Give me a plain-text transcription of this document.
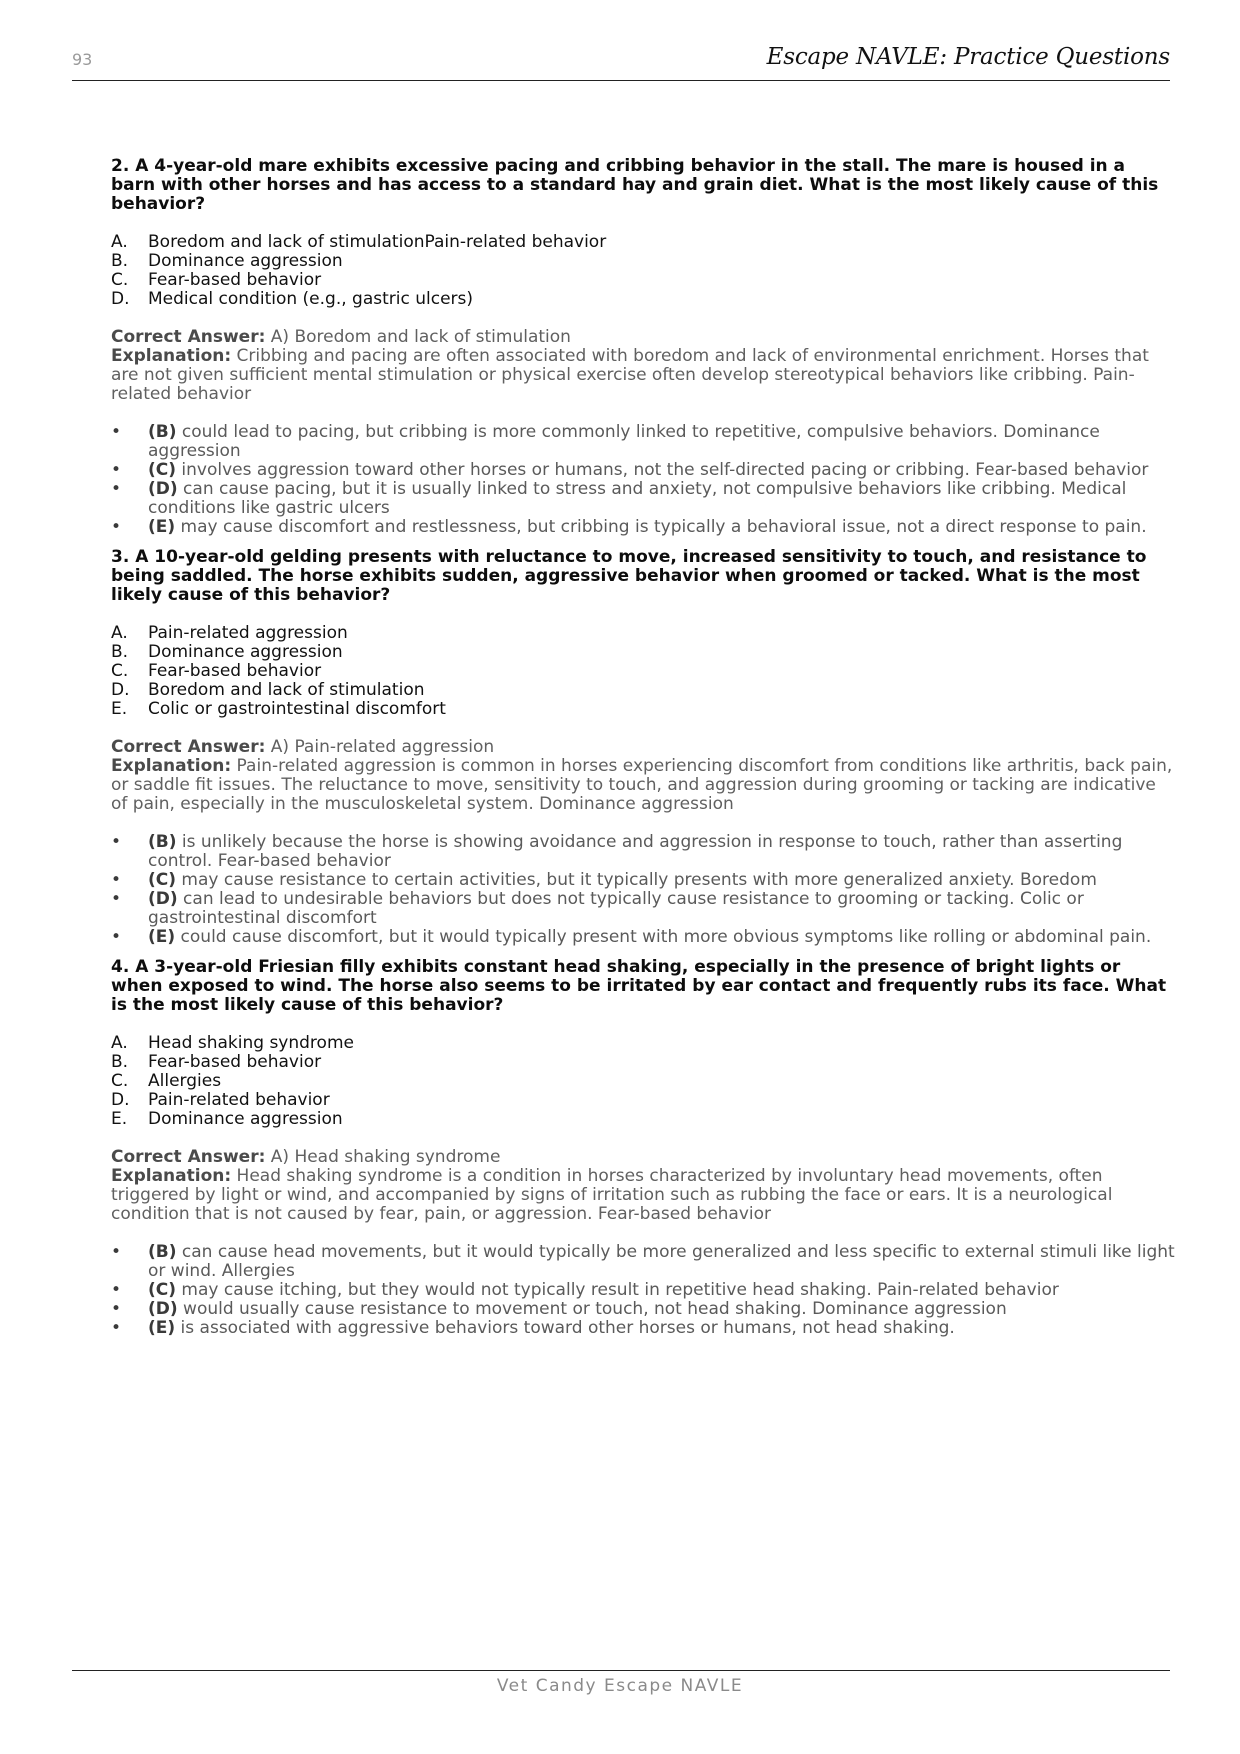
93	Escape NAVLE: Practice Questions
2. A 4-year-old mare exhibits excessive pacing and cribbing behavior in the stall. The mare is housed in a barn with other horses and has access to a standard hay and grain diet. What is the most likely cause of this behavior?
A.	Boredom and lack of stimulationPain-related behavior
B.	Dominance aggression
C.	Fear-based behavior
D.	Medical condition (e.g., gastric ulcers)
Correct Answer: A) Boredom and lack of stimulation
Explanation: Cribbing and pacing are often associated with boredom and lack of environmental enrichment. Horses that are not given sufficient mental stimulation or physical exercise often develop stereotypical behaviors like cribbing. Pain-related behavior
•	(B) could lead to pacing, but cribbing is more commonly linked to repetitive, compulsive behaviors. Dominance aggression
•	(C) involves aggression toward other horses or humans, not the self-directed pacing or cribbing. Fear-based behavior
•	(D) can cause pacing, but it is usually linked to stress and anxiety, not compulsive behaviors like cribbing. Medical conditions like gastric ulcers
•	(E) may cause discomfort and restlessness, but cribbing is typically a behavioral issue, not a direct response to pain.
3. A 10-year-old gelding presents with reluctance to move, increased sensitivity to touch, and resistance to being saddled. The horse exhibits sudden, aggressive behavior when groomed or tacked. What is the most likely cause of this behavior?
A.	Pain-related aggression
B.	Dominance aggression
C.	Fear-based behavior
D.	Boredom and lack of stimulation
E.	Colic or gastrointestinal discomfort
Correct Answer: A) Pain-related aggression
Explanation: Pain-related aggression is common in horses experiencing discomfort from conditions like arthritis, back pain, or saddle fit issues. The reluctance to move, sensitivity to touch, and aggression during grooming or tacking are indicative of pain, especially in the musculoskeletal system. Dominance aggression
•	(B) is unlikely because the horse is showing avoidance and aggression in response to touch, rather than asserting control. Fear-based behavior
•	(C) may cause resistance to certain activities, but it typically presents with more generalized anxiety. Boredom
•	(D) can lead to undesirable behaviors but does not typically cause resistance to grooming or tacking. Colic or gastrointestinal discomfort
•	(E) could cause discomfort, but it would typically present with more obvious symptoms like rolling or abdominal pain.
4. A 3-year-old Friesian filly exhibits constant head shaking, especially in the presence of bright lights or when exposed to wind. The horse also seems to be irritated by ear contact and frequently rubs its face. What is the most likely cause of this behavior?
A.	Head shaking syndrome
B.	Fear-based behavior
C.	Allergies
D.	Pain-related behavior
E.	Dominance aggression
Correct Answer: A) Head shaking syndrome
Explanation: Head shaking syndrome is a condition in horses characterized by involuntary head movements, often triggered by light or wind, and accompanied by signs of irritation such as rubbing the face or ears. It is a neurological condition that is not caused by fear, pain, or aggression. Fear-based behavior
•	(B) can cause head movements, but it would typically be more generalized and less specific to external stimuli like light or wind. Allergies
•	(C) may cause itching, but they would not typically result in repetitive head shaking. Pain-related behavior
•	(D) would usually cause resistance to movement or touch, not head shaking. Dominance aggression
•	(E) is associated with aggressive behaviors toward other horses or humans, not head shaking.
Vet Candy Escape NAVLE
